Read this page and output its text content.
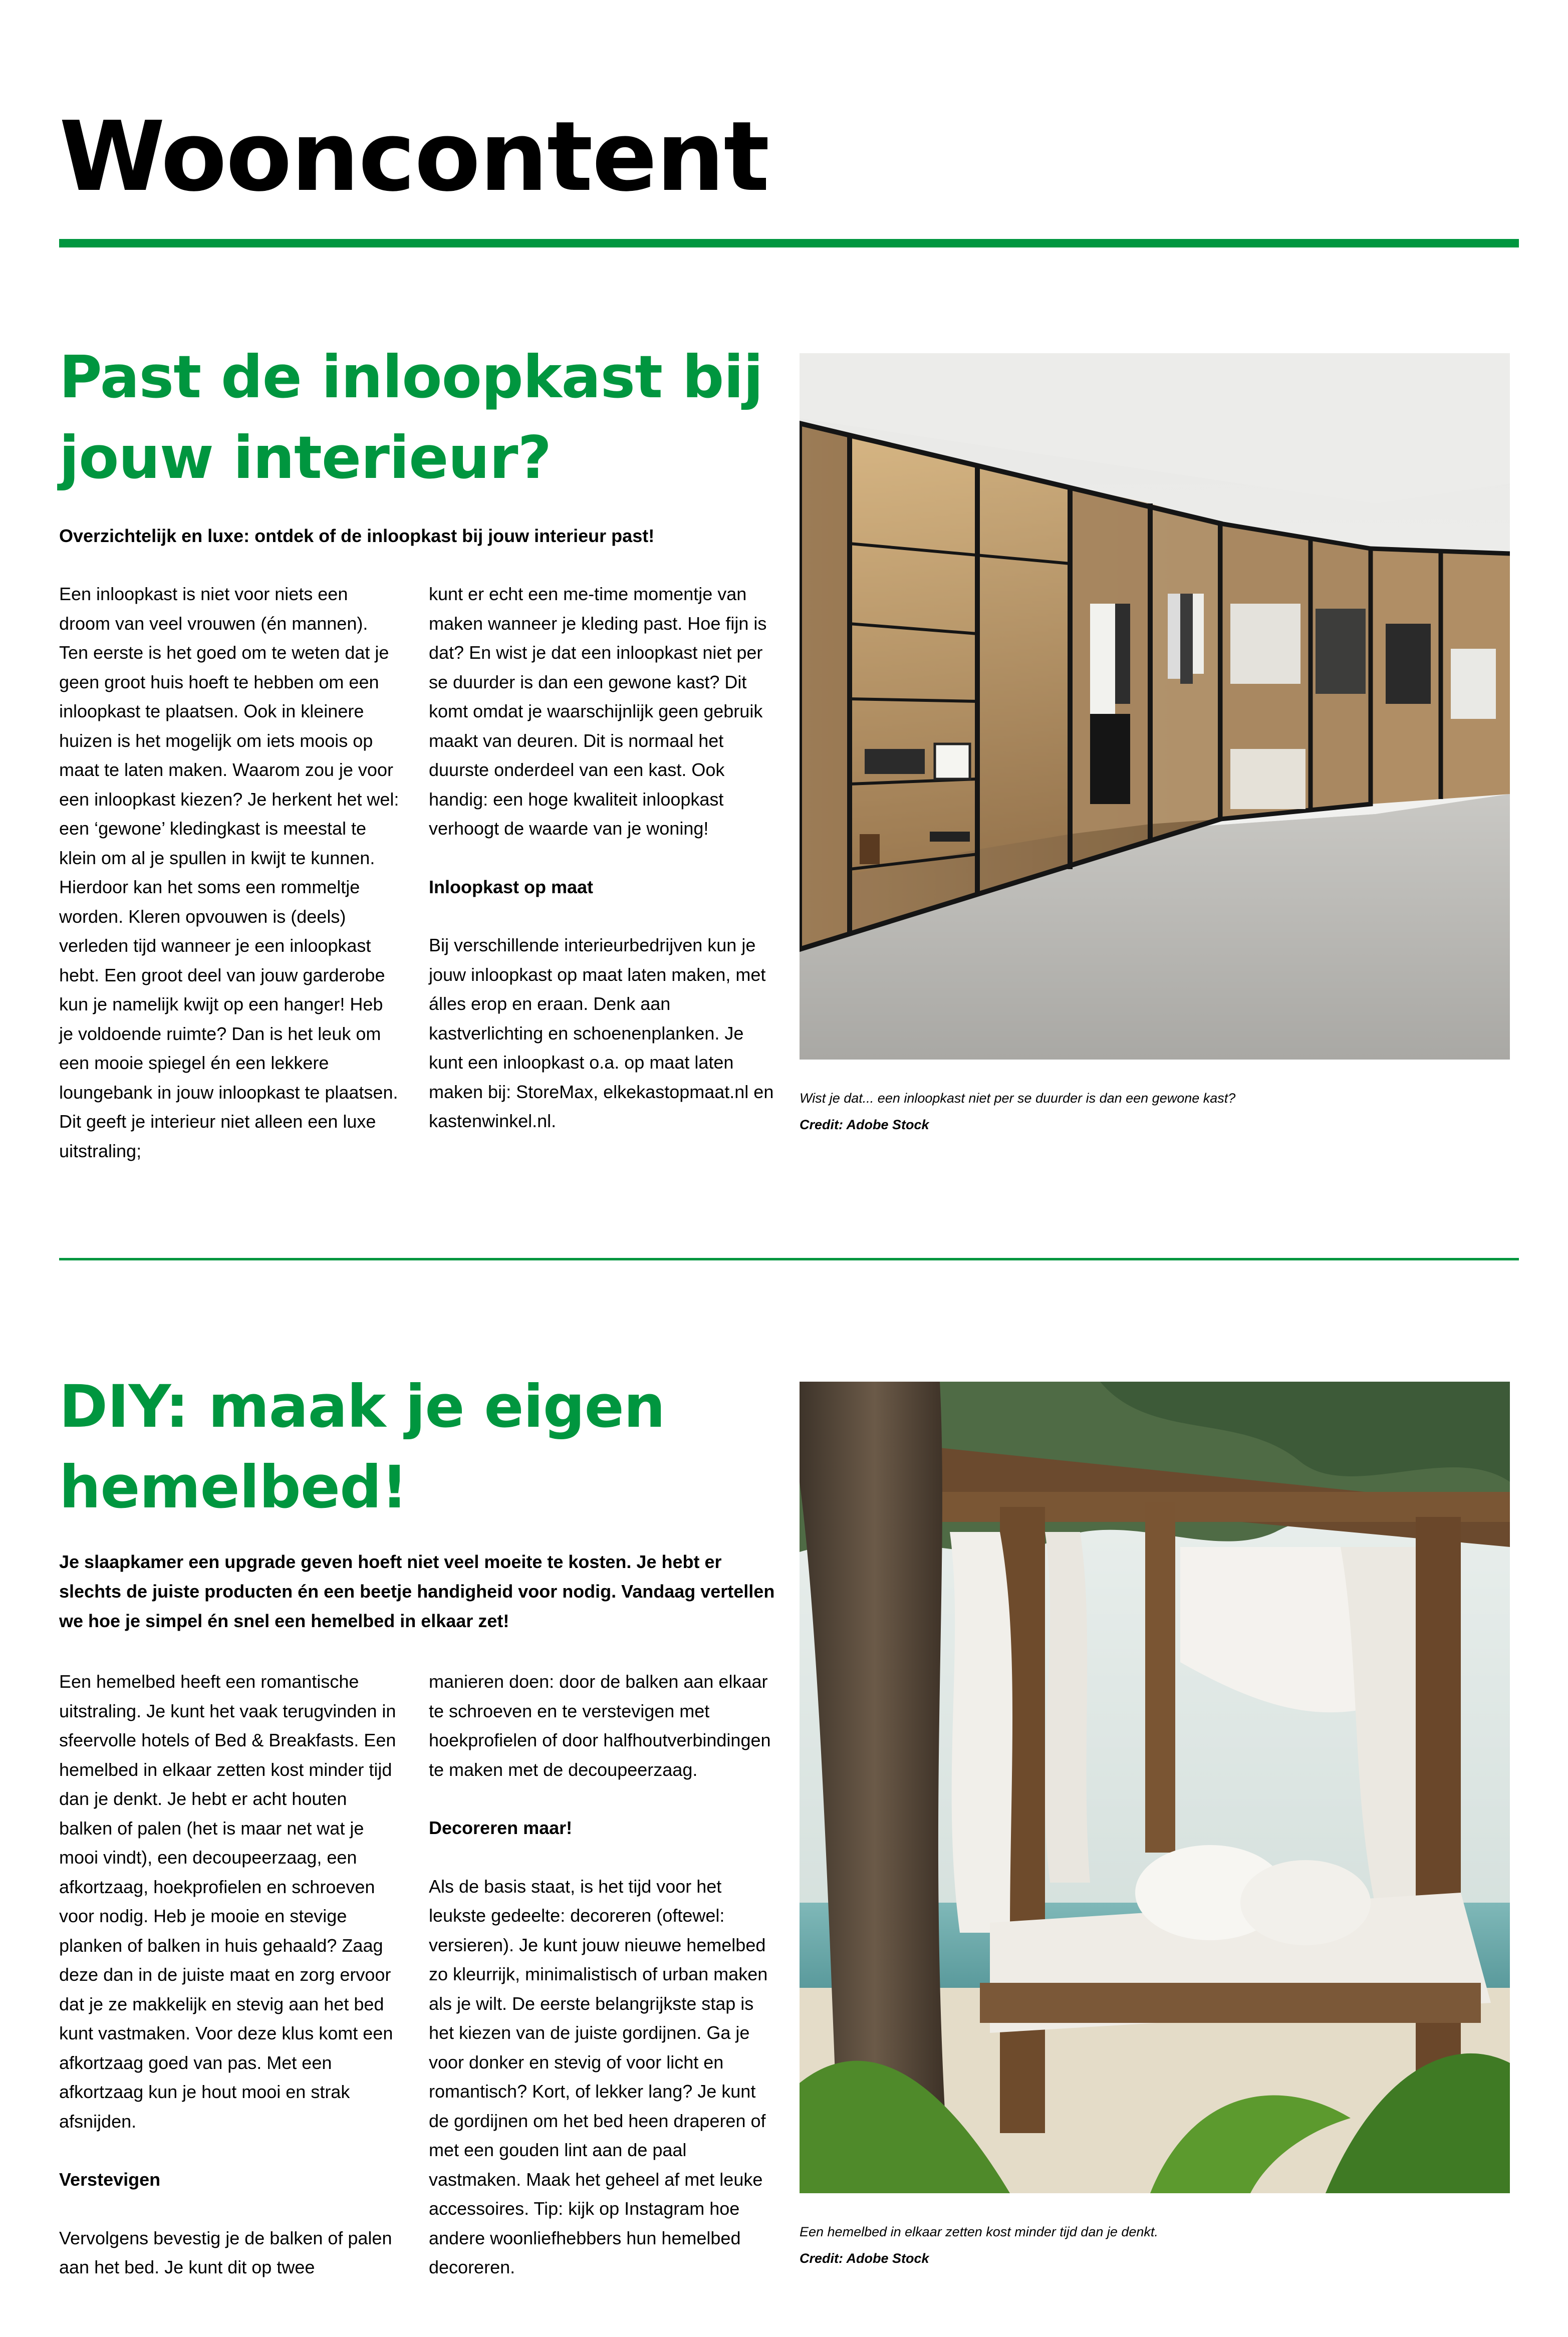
Wooncontent
Past de inloopkast bij jouw interieur?

Overzichtelijk en luxe: ontdek of de inloopkast bij jouw interieur past!

Een inloopkast is niet voor niets een droom van veel vrouwen (én mannen). Ten eerste is het goed om te weten dat je geen groot huis hoeft te hebben om een inloopkast te plaatsen. Ook in kleinere huizen is het mogelijk om iets moois op maat te laten maken. Waarom zou je voor een inloopkast kiezen? Je herkent het wel: een ‘gewone’ kledingkast is meestal te klein om al je spullen in kwijt te kunnen. Hierdoor kan het soms een rommeltje worden. Kleren opvouwen is (deels) verleden tijd wanneer je een inloopkast hebt. Een groot deel van jouw garderobe kun je namelijk kwijt op een hanger! Heb je voldoende ruimte? Dan is het leuk om een mooie spiegel én een lekkere loungebank in jouw inloopkast te plaatsen. Dit geeft je interieur niet alleen een luxe uitstraling;

kunt er echt een me-time momentje van maken wanneer je kleding past. Hoe fijn is dat? En wist je dat een inloopkast niet per se duurder is dan een gewone kast? Dit komt omdat je waarschijnlijk geen gebruik maakt van deuren. Dit is normaal het duurste onderdeel van een kast. Ook handig: een hoge kwaliteit inloopkast verhoogt de waarde van je woning!

Inloopkast op maat

Bij verschillende interieurbedrijven kun je jouw inloopkast op maat laten maken, met álles erop en eraan. Denk aan kastverlichting en schoenenplanken. Je kunt een inloopkast o.a. op maat laten maken bij: StoreMax, elkekastopmaat.nl en kastenwinkel.nl.

Wist je dat... een inloopkast niet per se duurder is dan een gewone kast?
Credit: Adobe Stock
DIY: maak je eigen hemelbed!

Je slaapkamer een upgrade geven hoeft niet veel moeite te kosten. Je hebt er slechts de juiste producten én een beetje handigheid voor nodig. Vandaag vertellen we hoe je simpel én snel een hemelbed in elkaar zet!

Een hemelbed heeft een romantische uitstraling. Je kunt het vaak terugvinden in sfeervolle hotels of Bed & Breakfasts. Een hemelbed in elkaar zetten kost minder tijd dan je denkt. Je hebt er acht houten balken of palen (het is maar net wat je mooi vindt), een decoupeerzaag, een afkortzaag, hoekprofielen en schroeven voor nodig. Heb je mooie en stevige planken of balken in huis gehaald? Zaag deze dan in de juiste maat en zorg ervoor dat je ze makkelijk en stevig aan het bed kunt vastmaken. Voor deze klus komt een afkortzaag goed van pas. Met een afkortzaag kun je hout mooi en strak afsnijden.

Verstevigen

Vervolgens bevestig je de balken of palen aan het bed. Je kunt dit op twee

manieren doen: door de balken aan elkaar te schroeven en te verstevigen met hoekprofielen of door halfhoutverbindingen te maken met de decoupeerzaag.

Decoreren maar!

Als de basis staat, is het tijd voor het leukste gedeelte: decoreren (oftewel: versieren). Je kunt jouw nieuwe hemelbed zo kleurrijk, minimalistisch of urban maken als je wilt. De eerste belangrijkste stap is het kiezen van de juiste gordijnen. Ga je voor donker en stevig of voor licht en romantisch? Kort, of lekker lang? Je kunt de gordijnen om het bed heen draperen of met een gouden lint aan de paal vastmaken. Maak het geheel af met leuke accessoires. Tip: kijk op Instagram hoe andere woonliefhebbers hun hemelbed decoreren.

Een hemelbed in elkaar zetten kost minder tijd dan je denkt.
Credit: Adobe Stock
